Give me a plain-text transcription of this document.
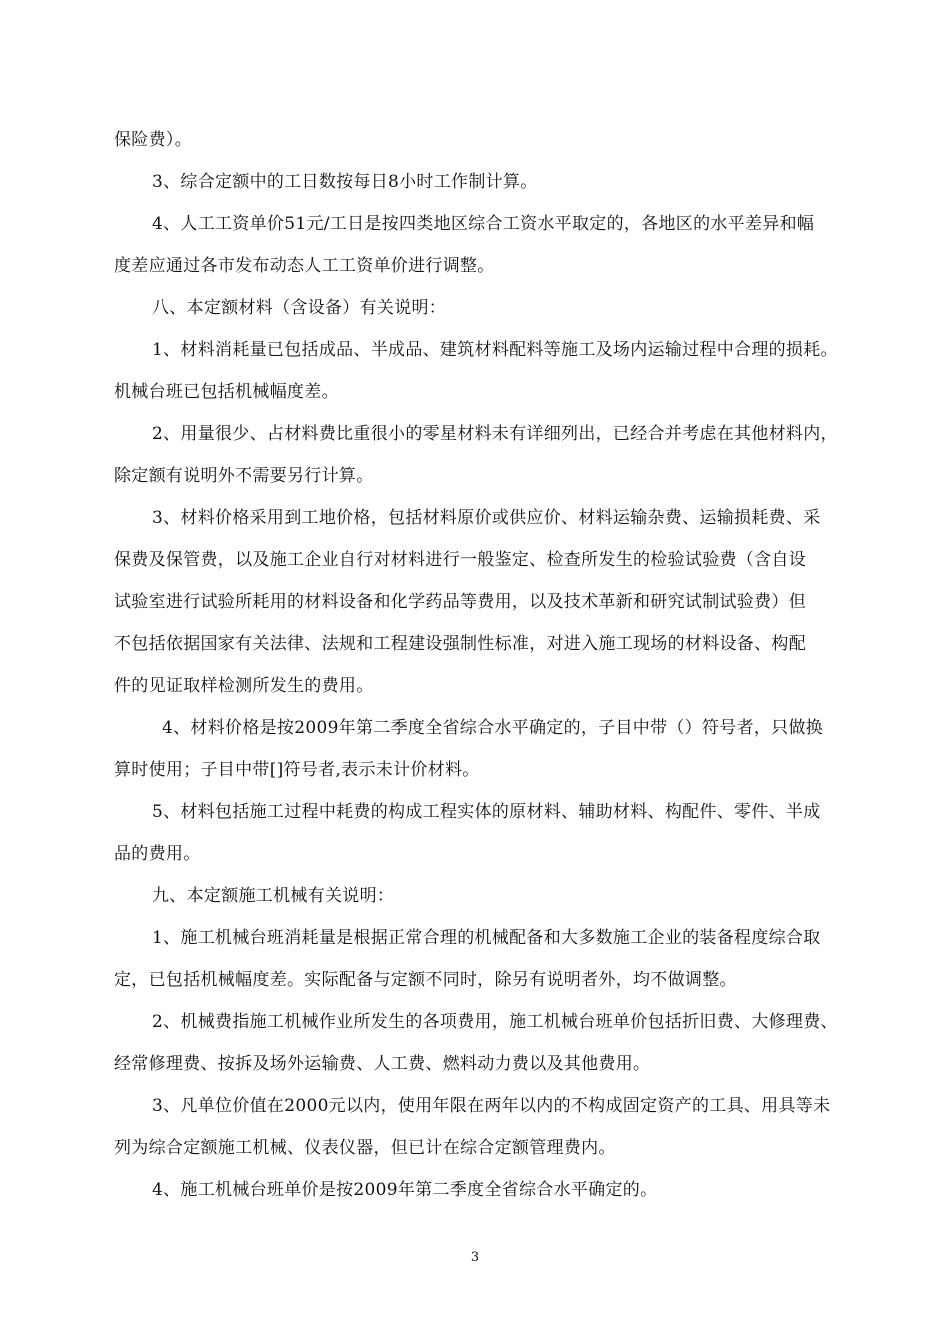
保险费）。
3、综合定额中的工日数按每日8小时工作制计算。
4、人工工资单价51元/工日是按四类地区综合工资水平取定的，各地区的水平差异和幅
度差应通过各市发布动态人工工资单价进行调整。
八、本定额材料（含设备）有关说明：
1、材料消耗量已包括成品、半成品、建筑材料配料等施工及场内运输过程中合理的损耗。
机械台班已包括机械幅度差。
2、用量很少、占材料费比重很小的零星材料未有详细列出，已经合并考虑在其他材料内，
除定额有说明外不需要另行计算。
3、材料价格采用到工地价格，包括材料原价或供应价、材料运输杂费、运输损耗费、采
保费及保管费，以及施工企业自行对材料进行一般鉴定、检查所发生的检验试验费（含自设
试验室进行试验所耗用的材料设备和化学药品等费用，以及技术革新和研究试制试验费）但
不包括依据国家有关法律、法规和工程建设强制性标准，对进入施工现场的材料设备、构配
件的见证取样检测所发生的费用。
4、材料价格是按2009年第二季度全省综合水平确定的，子目中带（）符号者，只做换
算时使用；子目中带[]符号者,表示未计价材料。
5、材料包括施工过程中耗费的构成工程实体的原材料、辅助材料、构配件、零件、半成
品的费用。
九、本定额施工机械有关说明：
1、施工机械台班消耗量是根据正常合理的机械配备和大多数施工企业的装备程度综合取
定，已包括机械幅度差。实际配备与定额不同时，除另有说明者外，均不做调整。
2、机械费指施工机械作业所发生的各项费用，施工机械台班单价包括折旧费、大修理费、
经常修理费、按拆及场外运输费、人工费、燃料动力费以及其他费用。
3、凡单位价值在2000元以内，使用年限在两年以内的不构成固定资产的工具、用具等未
列为综合定额施工机械、仪表仪器，但已计在综合定额管理费内。
4、施工机械台班单价是按2009年第二季度全省综合水平确定的。
3
